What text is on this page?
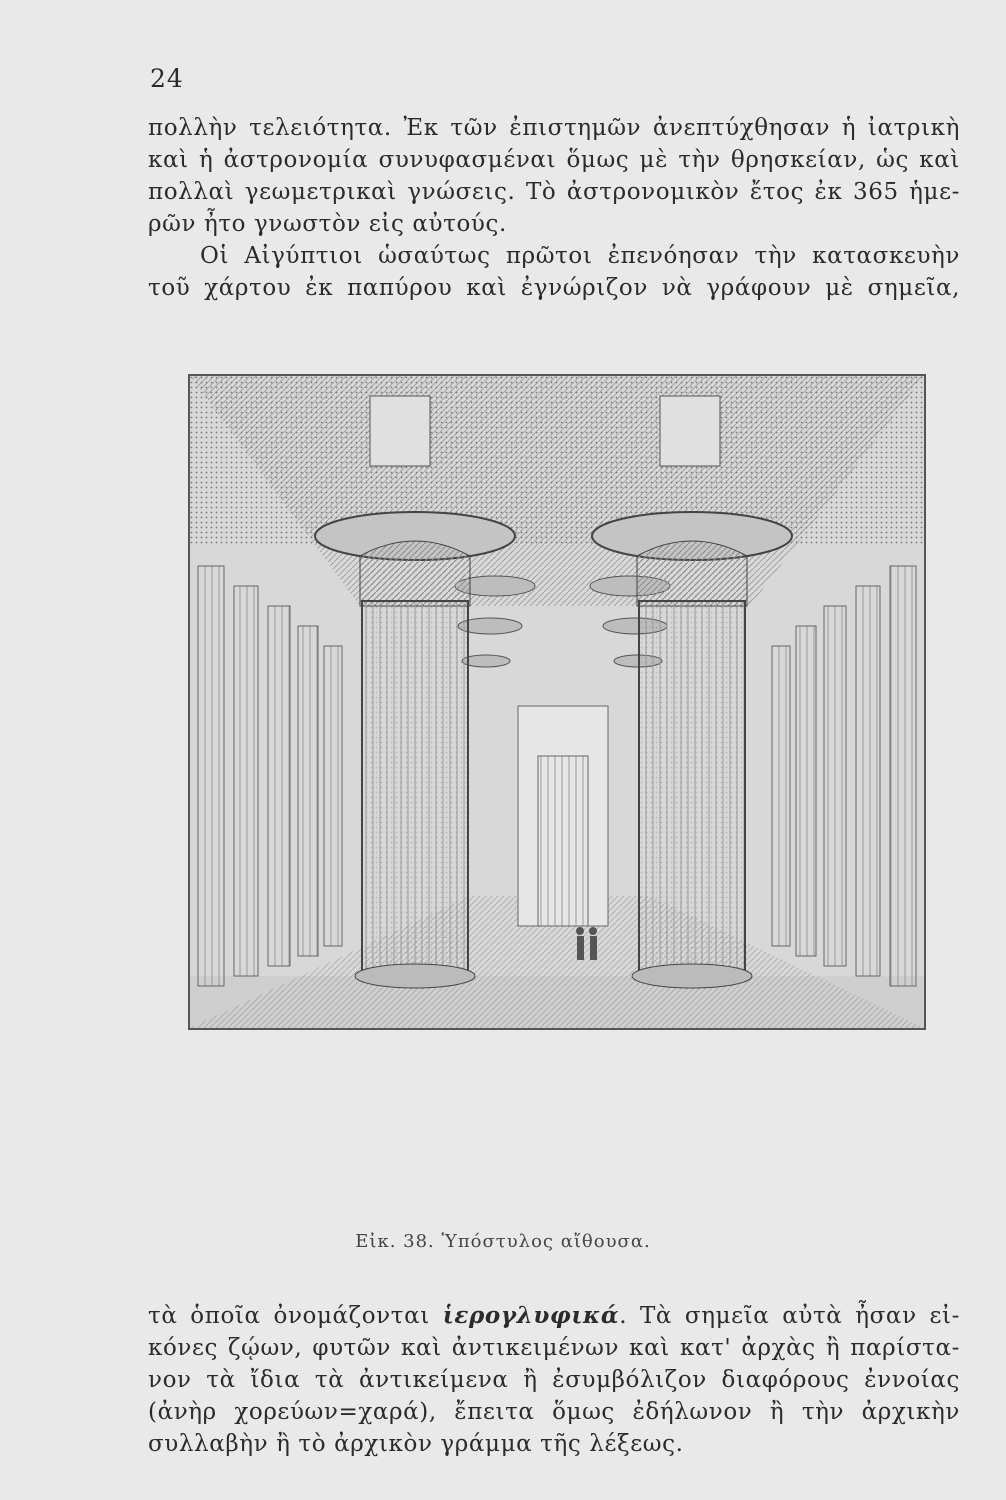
24
πολλὴν τελειότητα. Ἐκ τῶν ἐπιστημῶν ἀνεπτύχθησαν ἡ ἰατρικὴ
καὶ ἡ ἀστρονομία συνυφασμέναι ὅμως μὲ τὴν θρησκείαν, ὡς καὶ
πολλαὶ γεωμετρικαὶ γνώσεις. Τὸ ἀστρονομικὸν ἔτος ἐκ 365 ἡμε-
ρῶν ἦτο γνωστὸν εἰς αὐτούς.
Οἱ Αἰγύπτιοι ὡσαύτως πρῶτοι ἐπενόησαν τὴν κατασκευὴν
τοῦ χάρτου ἐκ παπύρου καὶ ἐγνώριζον νὰ γράφουν μὲ σημεῖα,
Εἰκ. 38. Ὑπόστυλος αἴθουσα.
τὰ ὁποῖα ὀνομάζονται ἱερογλυφικά. Τὰ σημεῖα αὐτὰ ἦσαν εἰ-
κόνες ζῴων, φυτῶν καὶ ἀντικειμένων καὶ κατ' ἀρχὰς ἢ παρίστα-
νον τὰ ἴδια τὰ ἀντικείμενα ἢ ἐσυμβόλιζον διαφόρους ἐννοίας
(ἀνὴρ χορεύων=χαρά), ἔπειτα ὅμως ἐδήλωνον ἢ τὴν ἀρχικὴν
συλλαβὴν ἢ τὸ ἀρχικὸν γράμμα τῆς λέξεως.
